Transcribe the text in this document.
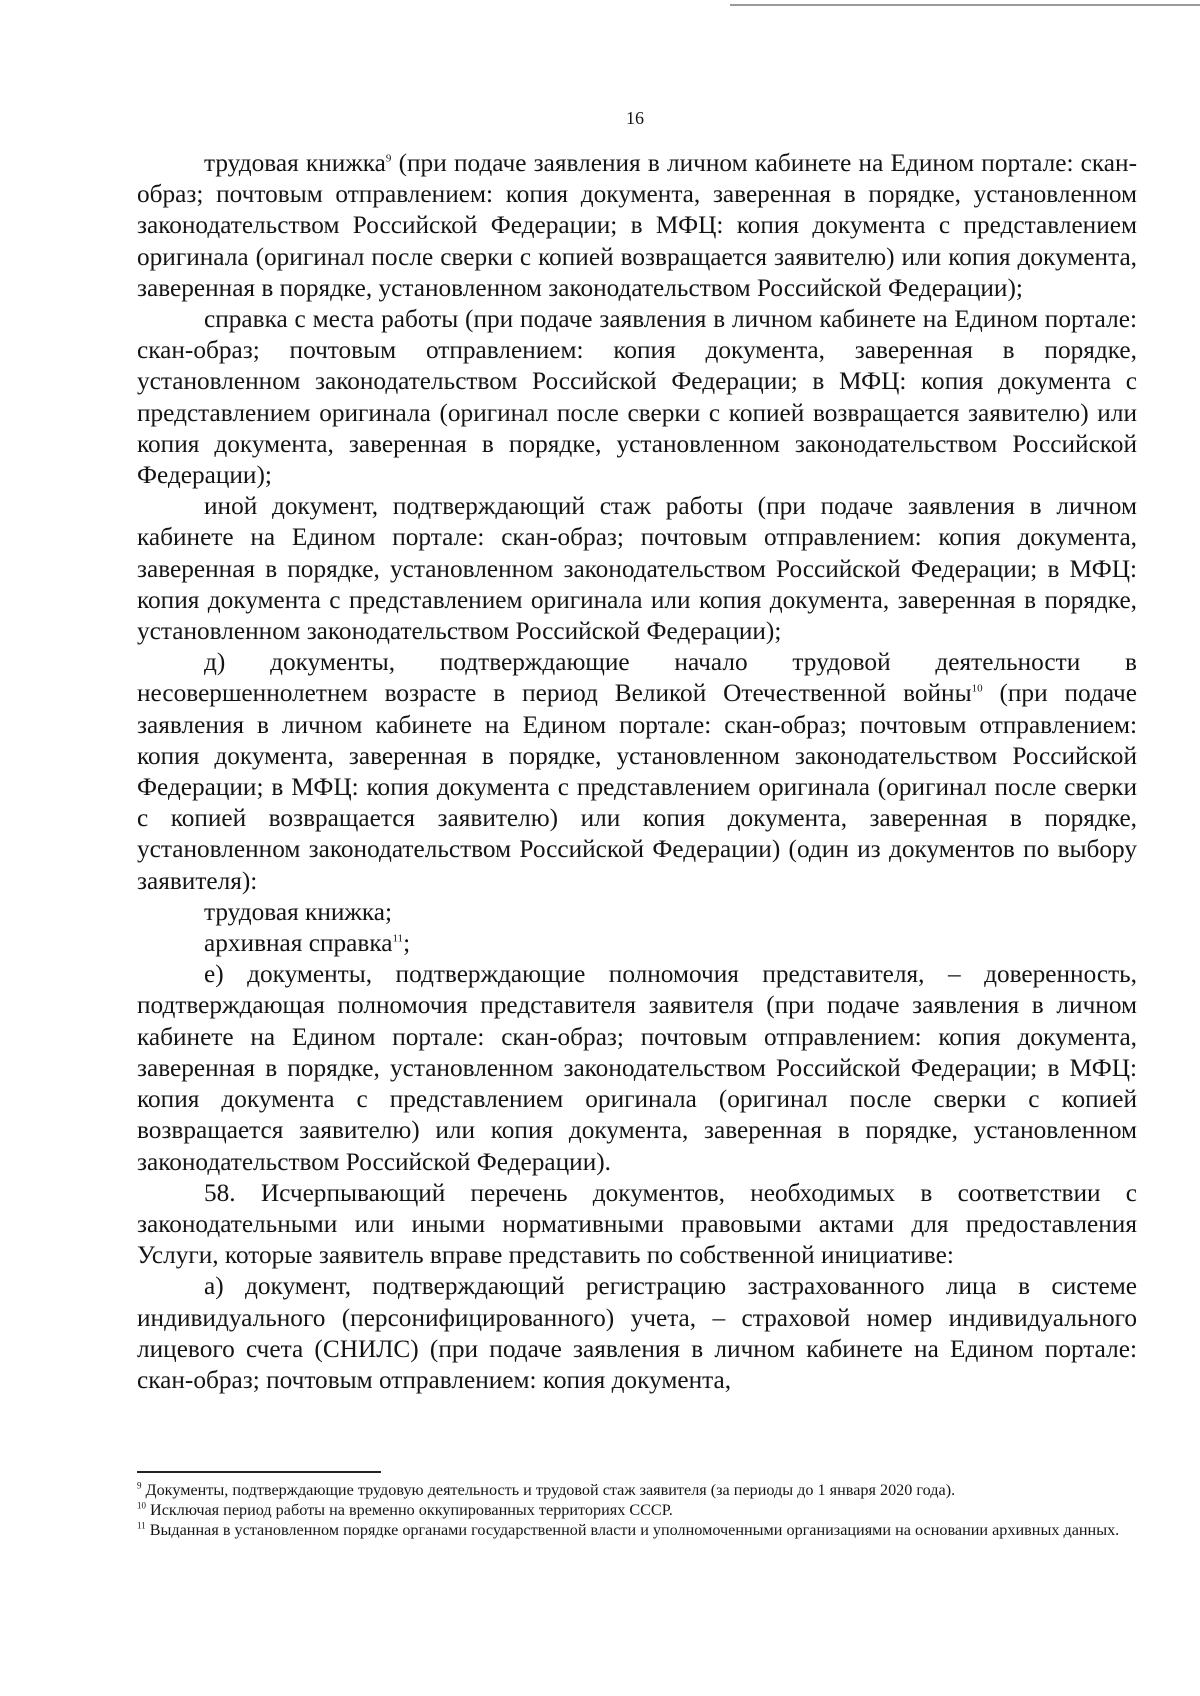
16

трудовая книжка$^9$ (при подаче заявления в личном кабинете на Едином портале: скан-образ; почтовым отправлением: копия документа, заверенная в порядке, установленном законодательством Российской Федерации; в МФЦ: копия документа с представлением оригинала (оригинал после сверки с копией возвращается заявителю) или копия документа, заверенная в порядке, установленном законодательством Российской Федерации);

справка с места работы (при подаче заявления в личном кабинете на Едином портале: скан-образ; почтовым отправлением: копия документа, заверенная в порядке, установленном законодательством Российской Федерации; в МФЦ: копия документа с представлением оригинала (оригинал после сверки с копией возвращается заявителю) или копия документа, заверенная в порядке, установленном законодательством Российской Федерации);

иной документ, подтверждающий стаж работы (при подаче заявления в личном кабинете на Едином портале: скан-образ; почтовым отправлением: копия документа, заверенная в порядке, установленном законодательством Российской Федерации; в МФЦ: копия документа с представлением оригинала или копия документа, заверенная в порядке, установленном законодательством Российской Федерации);

д) документы, подтверждающие начало трудовой деятельности в несовершеннолетнем возрасте в период Великой Отечественной войны$^{10}$ (при подаче заявления в личном кабинете на Едином портале: скан-образ; почтовым отправлением: копия документа, заверенная в порядке, установленном законодательством Российской Федерации; в МФЦ: копия документа с представлением оригинала (оригинал после сверки с копией возвращается заявителю) или копия документа, заверенная в порядке, установленном законодательством Российской Федерации) (один из документов по выбору заявителя):

трудовая книжка;

архивная справка$^{11}$;

е) документы, подтверждающие полномочия представителя, – доверенность, подтверждающая полномочия представителя заявителя (при подаче заявления в личном кабинете на Едином портале: скан-образ; почтовым отправлением: копия документа, заверенная в порядке, установленном законодательством Российской Федерации; в МФЦ: копия документа с представлением оригинала (оригинал после сверки с копией возвращается заявителю) или копия документа, заверенная в порядке, установленном законодательством Российской Федерации).

58. Исчерпывающий перечень документов, необходимых в соответствии с законодательными или иными нормативными правовыми актами для предоставления Услуги, которые заявитель вправе представить по собственной инициативе:

а) документ, подтверждающий регистрацию застрахованного лица в системе индивидуального (персонифицированного) учета, – страховой номер индивидуального лицевого счета (СНИЛС) (при подаче заявления в личном кабинете на Едином портале: скан-образ; почтовым отправлением: копия документа,

$^9$ Документы, подтверждающие трудовую деятельность и трудовой стаж заявителя (за периоды до 1 января 2020 года).

$^{10}$ Исключая период работы на временно оккупированных территориях СССР.

$^{11}$ Выданная в установленном порядке органами государственной власти и уполномоченными организациями на основании архивных данных.
